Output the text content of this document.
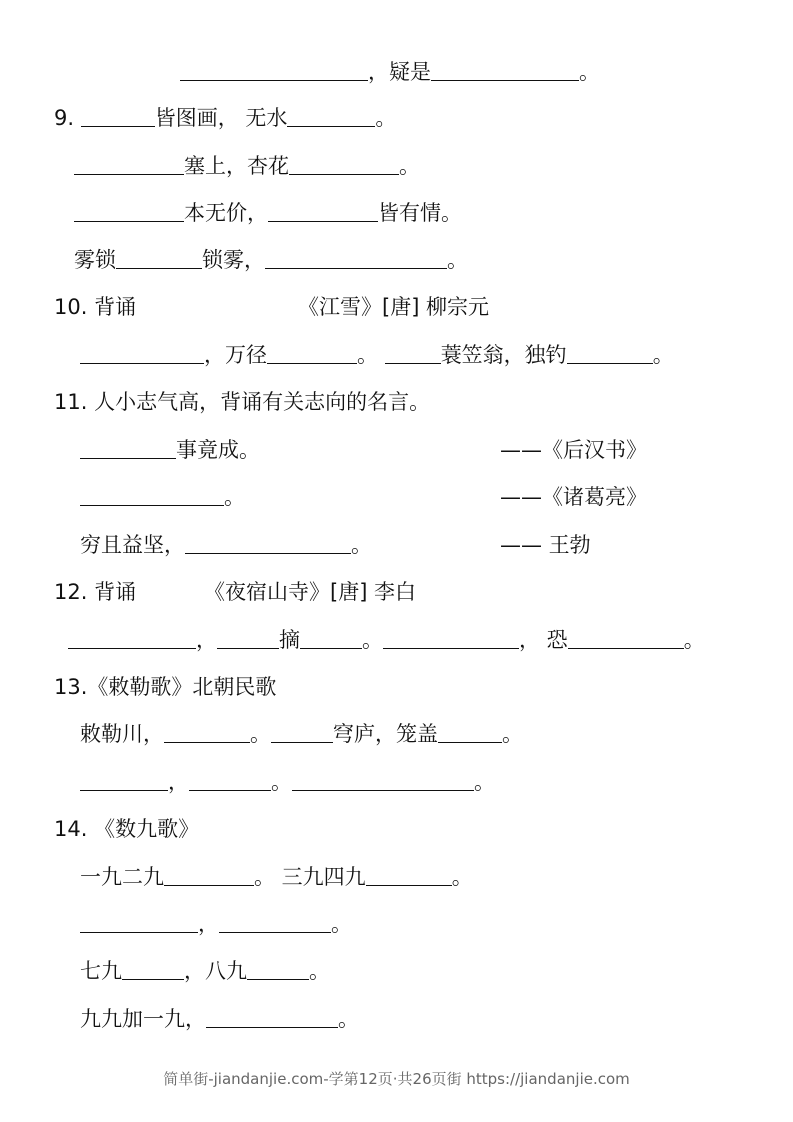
，疑是	。
9.	皆图画， 无水	。
塞上，杏花	。
本无价，	皆有情。
雾锁	锁雾，	。
10. 背诵	《江雪》[唐] 柳宗元
，万径	。	蓑笠翁，独钓	。
11. 人小志气高，背诵有关志向的名言。
事竟成。	——《后汉书》
。	——《诸葛亮》
穷且益坚，	。	—— 王勃
12. 背诵	《夜宿山寺》[唐] 李白
，	摘	。	， 恐	。
13.《敕勒歌》北朝民歌
敕勒川，	。	穹庐，笼盖	。
，	。	。
14. 《数九歌》
一九二九	。 三九四九	。
，	。
七九	，八九	。
九九加一九，	。
简单街-jiandanjie.com-学第12页·共26页街 https://jiandanjie.com
